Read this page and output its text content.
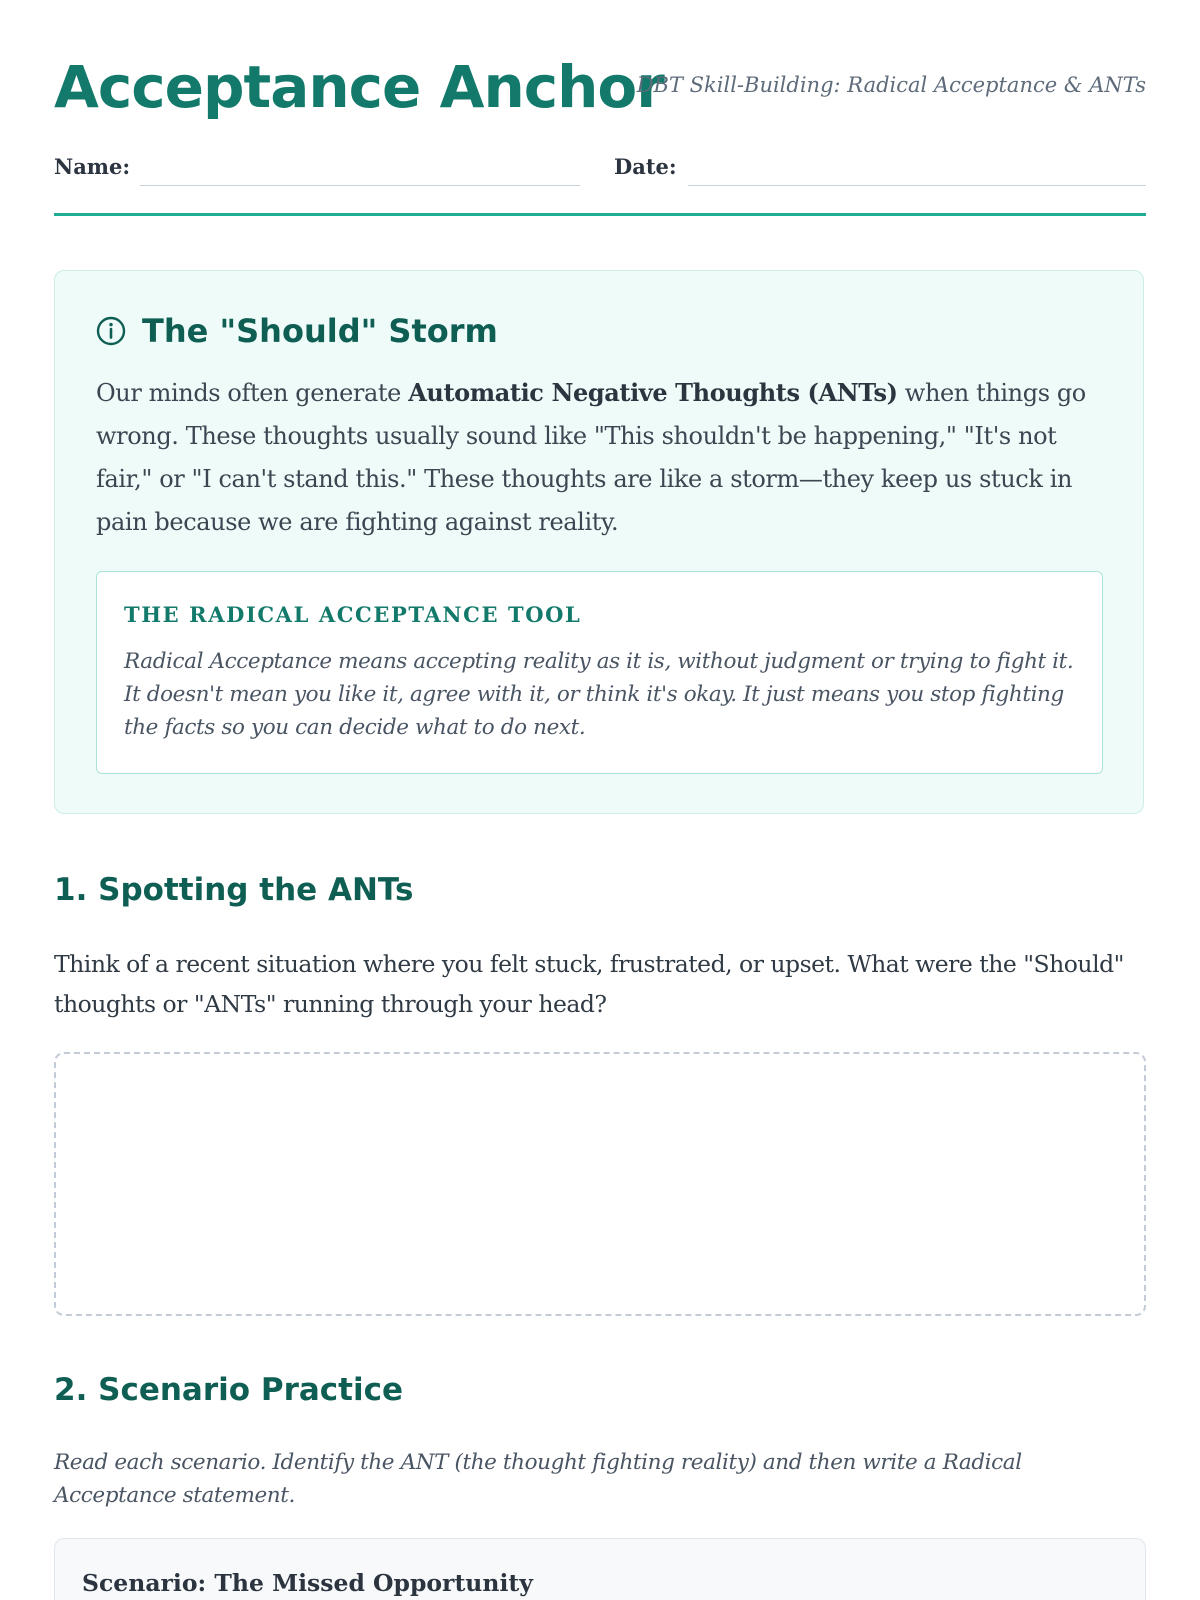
Acceptance Anchor
DBT Skill-Building: Radical Acceptance & ANTs
Name:	Date:
The "Should" Storm
Our minds often generate Automatic Negative Thoughts (ANTs) when things go wrong. These thoughts usually sound like "This shouldn't be happening," "It's not fair," or "I can't stand this." These thoughts are like a storm—they keep us stuck in pain because we are fighting against reality.
THE RADICAL ACCEPTANCE TOOL
Radical Acceptance means accepting reality as it is, without judgment or trying to fight it. It doesn't mean you like it, agree with it, or think it's okay. It just means you stop fighting the facts so you can decide what to do next.
1. Spotting the ANTs
Think of a recent situation where you felt stuck, frustrated, or upset. What were the "Should" thoughts or "ANTs" running through your head?
2. Scenario Practice
Read each scenario. Identify the ANT (the thought fighting reality) and then write a Radical Acceptance statement.
Scenario: The Missed Opportunity
